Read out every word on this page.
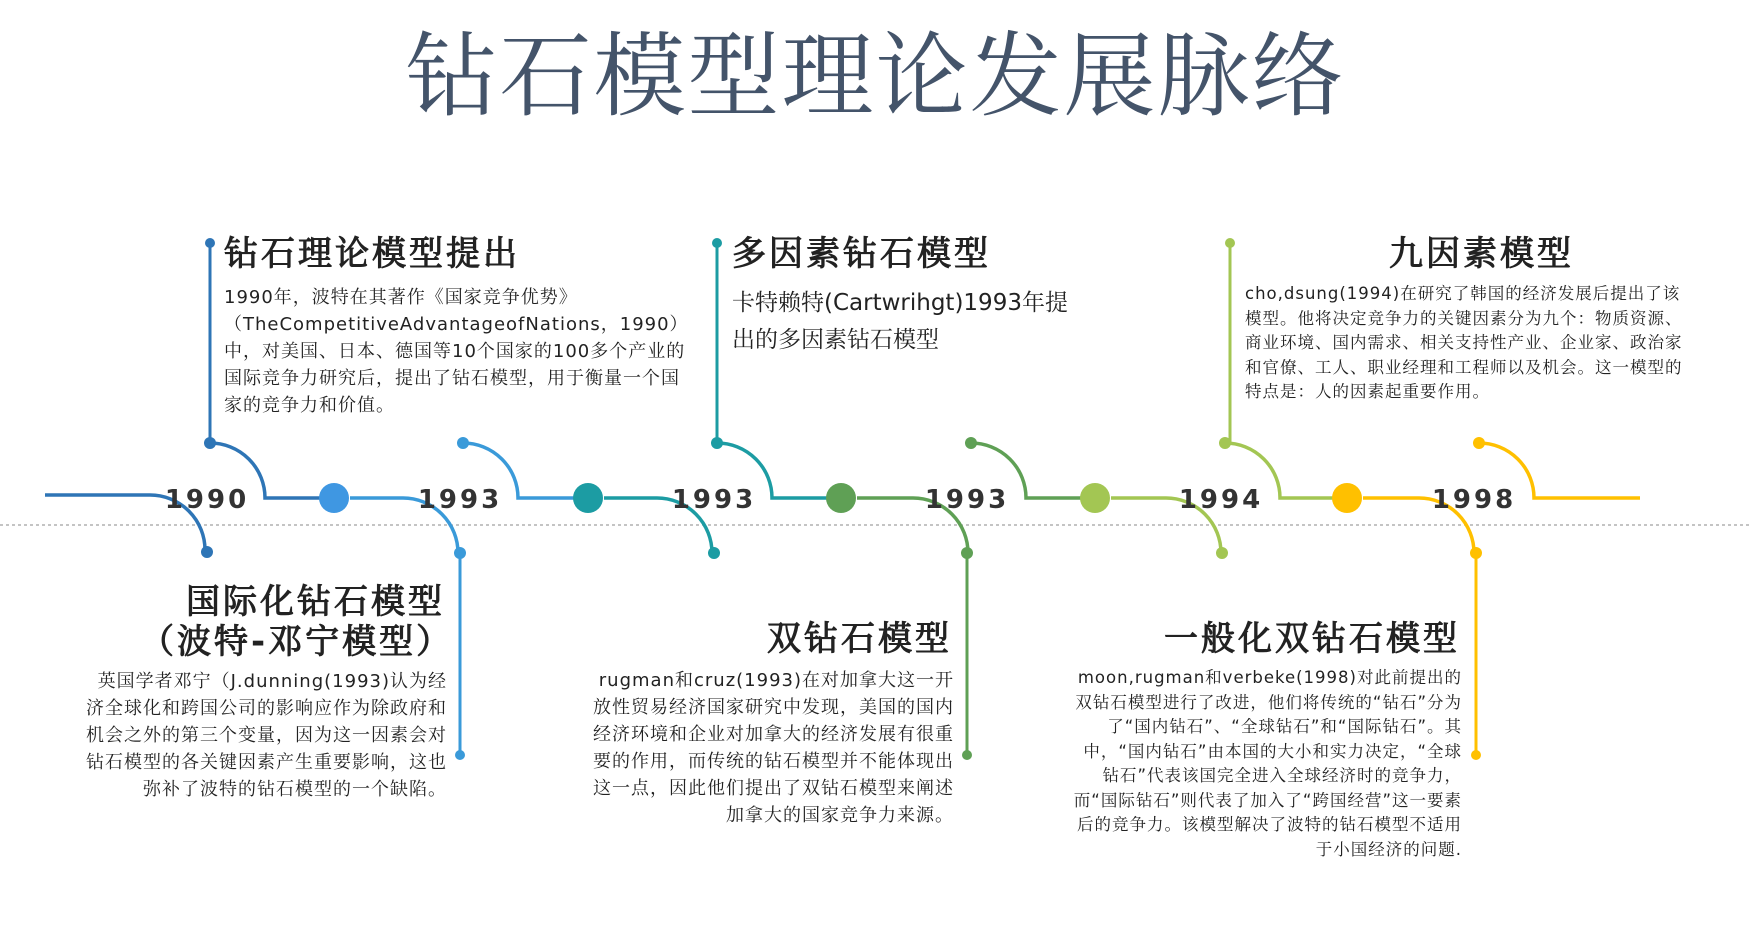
钻石模型理论发展脉络
1990	1993	1993	1993	1994	1998
钻石理论模型提出
1990年，波特在其著作《国家竞争优势》（TheCompetitiveAdvantageofNations，1990）中，对美国、日本、德国等10个国家的100多个产业的国际竞争力研究后，提出了钻石模型，用于衡量一个国家的竞争力和价值。
国际化钻石模型
（波特-邓宁模型）
英国学者邓宁（J.dunning(1993)认为经济全球化和跨国公司的影响应作为除政府和机会之外的第三个变量，因为这一因素会对钻石模型的各关键因素产生重要影响，这也弥补了波特的钻石模型的一个缺陷。
多因素钻石模型
卡特赖特(Cartwrihgt)1993年提出的多因素钻石模型
双钻石模型
rugman和cruz(1993)在对加拿大这一开放性贸易经济国家研究中发现，美国的国内经济环境和企业对加拿大的经济发展有很重要的作用，而传统的钻石模型并不能体现出这一点，因此他们提出了双钻石模型来阐述加拿大的国家竞争力来源。
九因素模型
cho,dsung(1994)在研究了韩国的经济发展后提出了该模型。他将决定竞争力的关键因素分为九个：物质资源、商业环境、国内需求、相关支持性产业、企业家、政治家和官僚、工人、职业经理和工程师以及机会。这一模型的特点是：人的因素起重要作用。
一般化双钻石模型
moon,rugman和verbeke(1998)对此前提出的双钻石模型进行了改进，他们将传统的“钻石”分为了“国内钻石”、“全球钻石”和“国际钻石”。其中，“国内钻石”由本国的大小和实力决定，“全球钻石”代表该国完全进入全球经济时的竞争力，而“国际钻石”则代表了加入了“跨国经营”这一要素后的竞争力。该模型解决了波特的钻石模型不适用于小国经济的问题.
